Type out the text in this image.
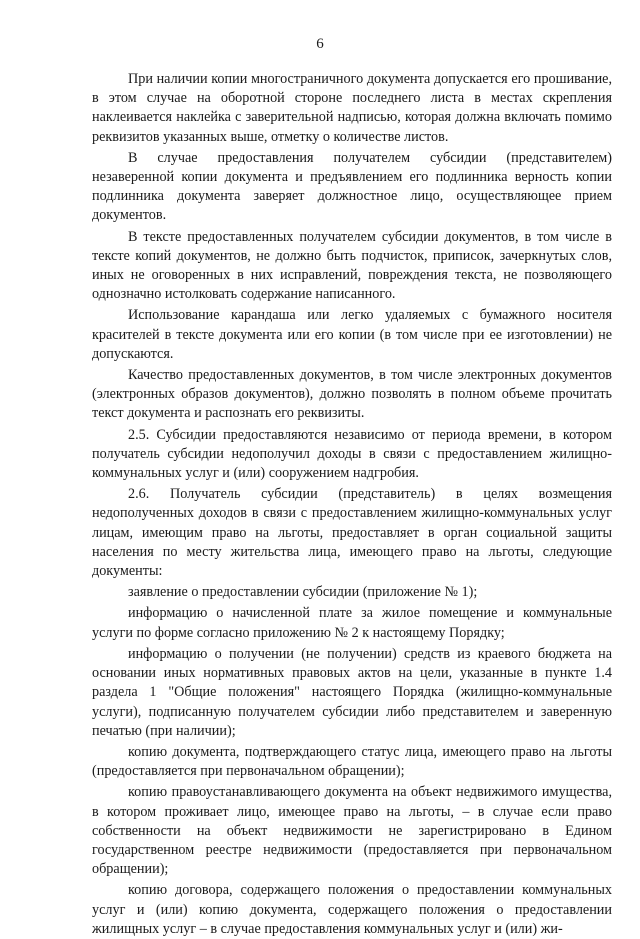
6

При наличии копии многостраничного документа допускается его прошивание, в этом случае на оборотной стороне последнего листа в местах скрепления наклеивается наклейка с заверительной надписью, которая должна включать помимо реквизитов указанных выше, отметку о количестве листов.

В случае предоставления получателем субсидии (представителем) незаверенной копии документа и предъявлением его подлинника верность копии подлинника документа заверяет должностное лицо, осуществляющее прием документов.

В тексте предоставленных получателем субсидии документов, в том числе в тексте копий документов, не должно быть подчисток, приписок, зачеркнутых слов, иных не оговоренных в них исправлений, повреждения текста, не позволяющего однозначно истолковать содержание написанного.

Использование карандаша или легко удаляемых с бумажного носителя красителей в тексте документа или его копии (в том числе при ее изготовлении) не допускаются.

Качество предоставленных документов, в том числе электронных документов (электронных образов документов), должно позволять в полном объеме прочитать текст документа и распознать его реквизиты.

2.5. Субсидии предоставляются независимо от периода времени, в котором получатель субсидии недополучил доходы в связи с предоставлением жилищно-коммунальных услуг и (или) сооружением надгробия.

2.6. Получатель субсидии (представитель) в целях возмещения недополученных доходов в связи с предоставлением жилищно-коммунальных услуг лицам, имеющим право на льготы, предоставляет в орган социальной защиты населения по месту жительства лица, имеющего право на льготы, следующие документы:

заявление о предоставлении субсидии (приложение № 1);

информацию о начисленной плате за жилое помещение и коммунальные услуги по форме согласно приложению № 2 к настоящему Порядку;

информацию о получении (не получении) средств из краевого бюджета на основании иных нормативных правовых актов на цели, указанные в пункте 1.4 раздела 1 "Общие положения" настоящего Порядка (жилищно-коммунальные услуги), подписанную получателем субсидии либо представителем и заверенную печатью (при наличии);

копию документа, подтверждающего статус лица, имеющего право на льготы (предоставляется при первоначальном обращении);

копию правоустанавливающего документа на объект недвижимого имущества, в котором проживает лицо, имеющее право на льготы, – в случае если право собственности на объект недвижимости не зарегистрировано в Едином государственном реестре недвижимости (предоставляется при первоначальном обращении);

копию договора, содержащего положения о предоставлении коммунальных услуг и (или) копию документа, содержащего положения о предоставлении жилищных услуг – в случае предоставления коммунальных услуг и (или) жи-
